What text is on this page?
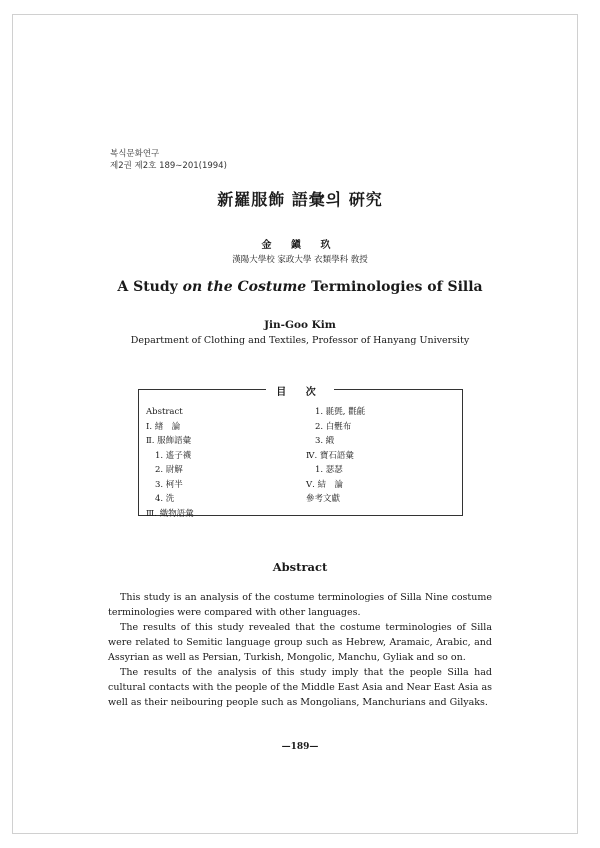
복식문화연구
제2권 제2호 189∼201(1994)
新羅服飾 語彙의 硏究
金 鎭 玖
漢陽大學校 家政大學 衣類學科 敎授
A Study on the Costume Terminologies of Silla
Jin-Goo Kim
Department of Clothing and Textiles, Professor of Hanyang University
目 次
Abstract
Ⅰ. 緖　論
Ⅱ. 服飾語彙
1. 遙子襪
2. 尉解
3. 柯半
4. 洗
Ⅲ. 織物語彙
1. 毾㲪, 氍毹
2. 白氎布
3. 緞
Ⅳ. 寶石語彙
1. 瑟瑟
Ⅴ. 結　論
參考文獻
Abstract

This study is an analysis of the costume terminologies of Silla Nine costume terminologies were compared with other languages.

The results of this study revealed that the costume terminologies of Silla were related to Semitic language group such as Hebrew, Aramaic, Arabic, and Assyrian as well as Persian, Turkish, Mongolic, Manchu, Gyliak and so on.

The results of the analysis of this study imply that the people Silla had cultural contacts with the people of the Middle East Asia and Near East Asia as well as their neibouring people such as Mongolians, Manchurians and Gilyaks.

—189—
